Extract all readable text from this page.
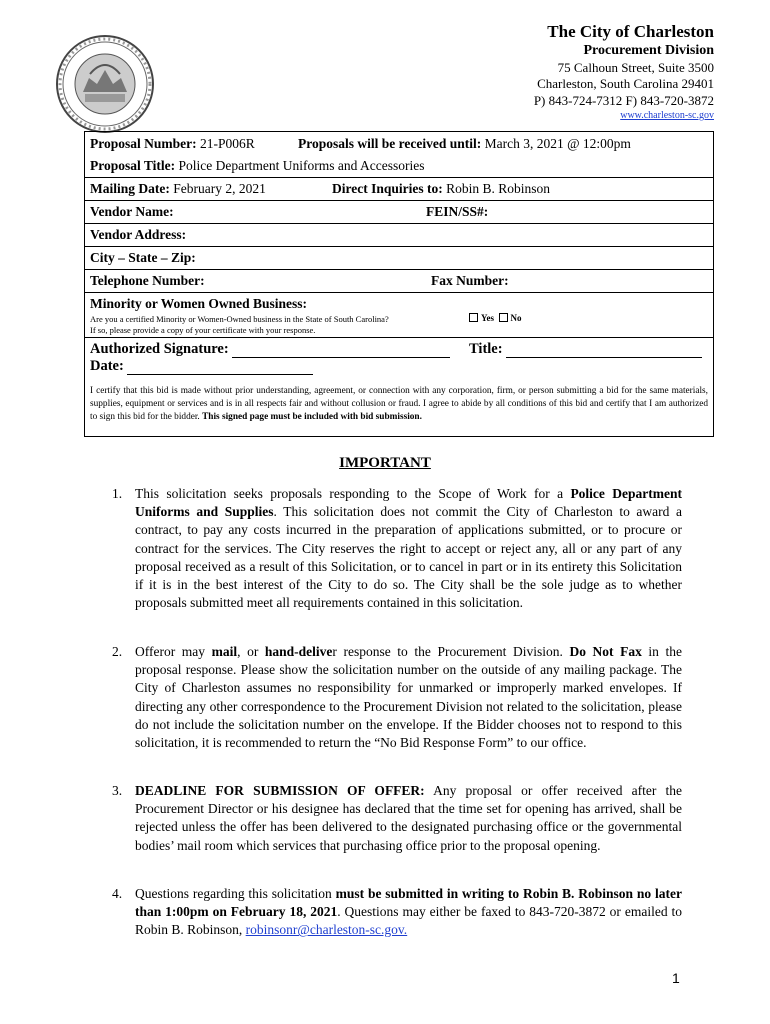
The City of Charleston
Procurement Division
75 Calhoun Street, Suite 3500
Charleston, South Carolina 29401
P) 843-724-7312 F) 843-720-3872
www.charleston-sc.gov
Proposal Number: 21-P006R	Proposals will be received until: March 3, 2021 @ 12:00pm
Proposal Title: Police Department Uniforms and Accessories
Mailing Date: February 2, 2021	Direct Inquiries to: Robin B. Robinson
Vendor Name:	FEIN/SS#:
Vendor Address:
City – State – Zip:
Telephone Number:	Fax Number:
Minority or Women Owned Business:
Are you a certified Minority or Women-Owned business in the State of South Carolina?
If so, please provide a copy of your certificate with your response.
Yes No
Authorized Signature:	Title:
Date:
I certify that this bid is made without prior understanding, agreement, or connection with any corporation, firm, or person submitting a bid for the same materials, supplies, equipment or services and is in all respects fair and without collusion or fraud. I agree to abide by all conditions of this bid and certify that I am authorized to sign this bid for the bidder. This signed page must be included with bid submission.
IMPORTANT
1. This solicitation seeks proposals responding to the Scope of Work for a Police Department Uniforms and Supplies. This solicitation does not commit the City of Charleston to award a contract, to pay any costs incurred in the preparation of applications submitted, or to procure or contract for the services. The City reserves the right to accept or reject any, all or any part of any proposal received as a result of this Solicitation, or to cancel in part or in its entirety this Solicitation if it is in the best interest of the City to do so. The City shall be the sole judge as to whether proposals submitted meet all requirements contained in this solicitation.
2. Offeror may mail, or hand-deliver response to the Procurement Division. Do Not Fax in the proposal response. Please show the solicitation number on the outside of any mailing package. The City of Charleston assumes no responsibility for unmarked or improperly marked envelopes. If directing any other correspondence to the Procurement Division not related to the solicitation, please do not include the solicitation number on the envelope. If the Bidder chooses not to respond to this solicitation, it is recommended to return the “No Bid Response Form” to our office.
3. DEADLINE FOR SUBMISSION OF OFFER: Any proposal or offer received after the Procurement Director or his designee has declared that the time set for opening has arrived, shall be rejected unless the offer has been delivered to the designated purchasing office or the governmental bodies’ mail room which services that purchasing office prior to the proposal opening.
4. Questions regarding this solicitation must be submitted in writing to Robin B. Robinson no later than 1:00pm on February 18, 2021. Questions may either be faxed to 843-720-3872 or emailed to Robin B. Robinson, robinsonr@charleston-sc.gov.
1
